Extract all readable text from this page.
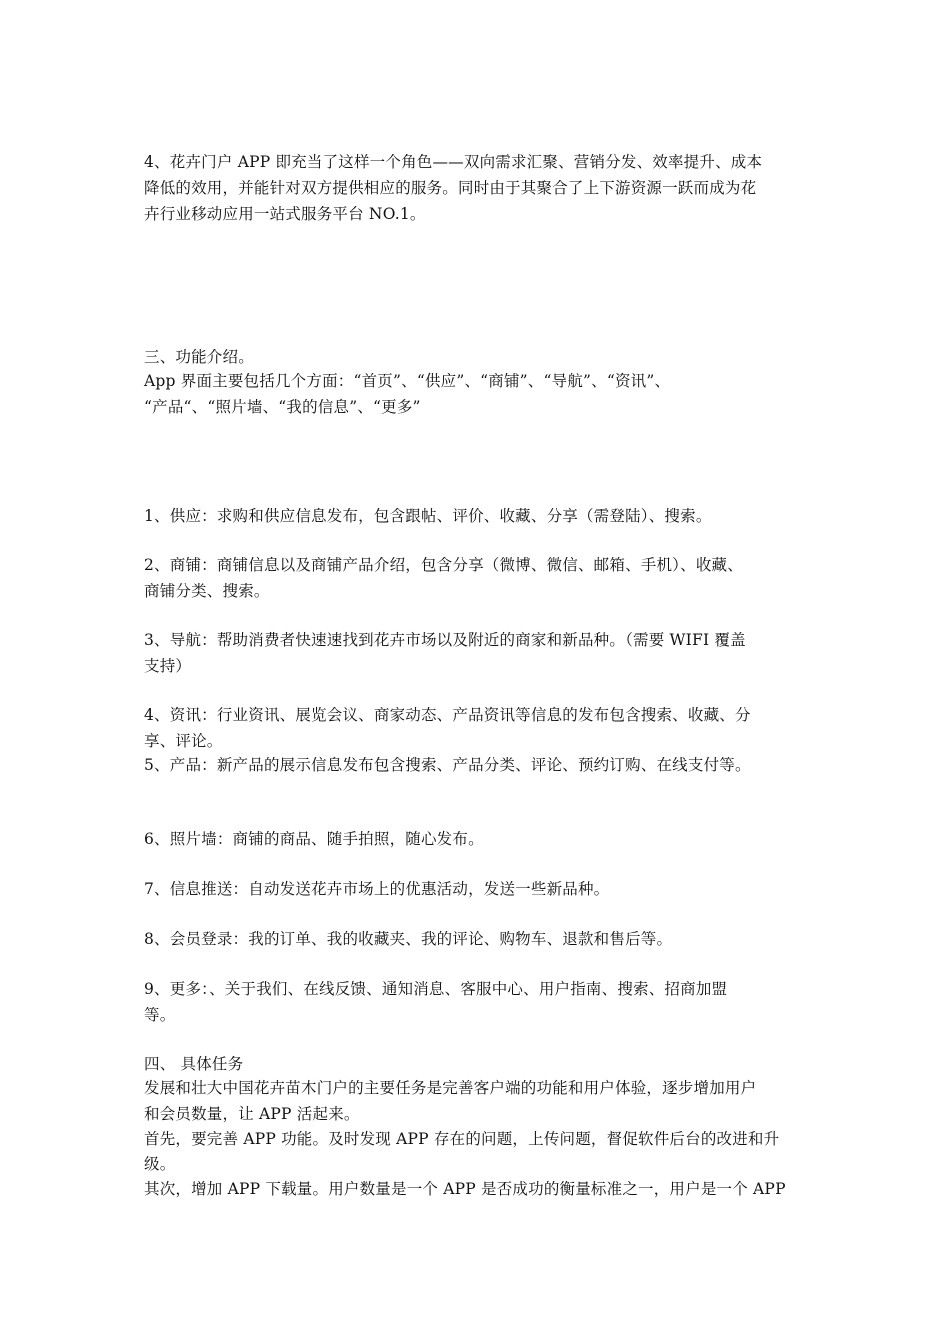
4、花卉门户 APP 即充当了这样一个角色——双向需求汇聚、营销分发、效率提升、成本
降低的效用，并能针对双方提供相应的服务。同时由于其聚合了上下游资源一跃而成为花
卉行业移动应用一站式服务平台 NO.1。
三、功能介绍。
App 界面主要包括几个方面：“首页”、“供应”、“商铺”、“导航”、“资讯”、
“产品“、“照片墙、“我的信息”、“更多”
1、供应：求购和供应信息发布，包含跟帖、评价、收藏、分享（需登陆）、搜索。
2、商铺：商铺信息以及商铺产品介绍，包含分享（微博、微信、邮箱、手机）、收藏、
商铺分类、搜索。
3、导航：帮助消费者快速速找到花卉市场以及附近的商家和新品种。（需要 WIFI 覆盖
支持）
4、资讯：行业资讯、展览会议、商家动态、产品资讯等信息的发布包含搜索、收藏、分
享、评论。
5、产品：新产品的展示信息发布包含搜索、产品分类、评论、预约订购、在线支付等。
6、照片墙：商铺的商品、随手拍照，随心发布。
7、信息推送：自动发送花卉市场上的优惠活动，发送一些新品种。
8、会员登录：我的订单、我的收藏夹、我的评论、购物车、退款和售后等。
9、更多：、关于我们、在线反馈、通知消息、客服中心、用户指南、搜索、招商加盟
等。
四、 具体任务
发展和壮大中国花卉苗木门户的主要任务是完善客户端的功能和用户体验，逐步增加用户
和会员数量，让 APP 活起来。
首先，要完善 APP 功能。及时发现 APP 存在的问题，上传问题，督促软件后台的改进和升
级。
其次，增加 APP 下载量。用户数量是一个 APP 是否成功的衡量标准之一，用户是一个 APP
